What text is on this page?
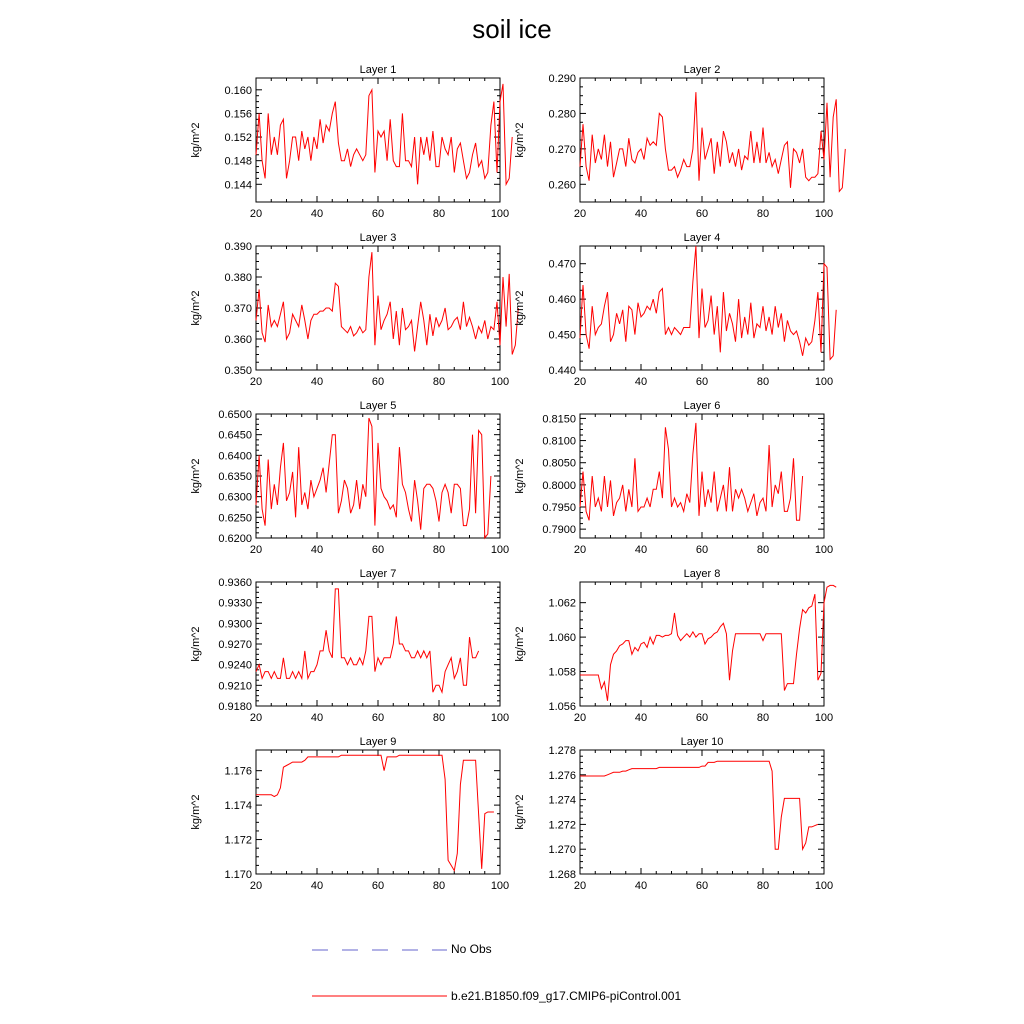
soil ice
Layer 1
kg/m^2
20	40	60	80	100
0.144
0.148
0.152
0.156
0.160
Layer 2
kg/m^2
20	40	60	80	100
0.260
0.270
0.280
0.290
Layer 3
kg/m^2
20	40	60	80	100
0.350
0.360
0.370
0.380
0.390
Layer 4
kg/m^2
20	40	60	80	100
0.440
0.450
0.460
0.470
Layer 5
kg/m^2
20	40	60	80	100
0.6200
0.6250
0.6300
0.6350
0.6400
0.6450
0.6500
Layer 6
kg/m^2
20	40	60	80	100
0.7900
0.7950
0.8000
0.8050
0.8100
0.8150
Layer 7
kg/m^2
20	40	60	80	100
0.9180
0.9210
0.9240
0.9270
0.9300
0.9330
0.9360
Layer 8
kg/m^2
20	40	60	80	100
1.056
1.058
1.060
1.062
Layer 9
kg/m^2
20	40	60	80	100
1.170
1.172
1.174
1.176
Layer 10
kg/m^2
20	40	60	80	100
1.268
1.270
1.272
1.274
1.276
1.278
No Obs
b.e21.B1850.f09_g17.CMIP6-piControl.001
